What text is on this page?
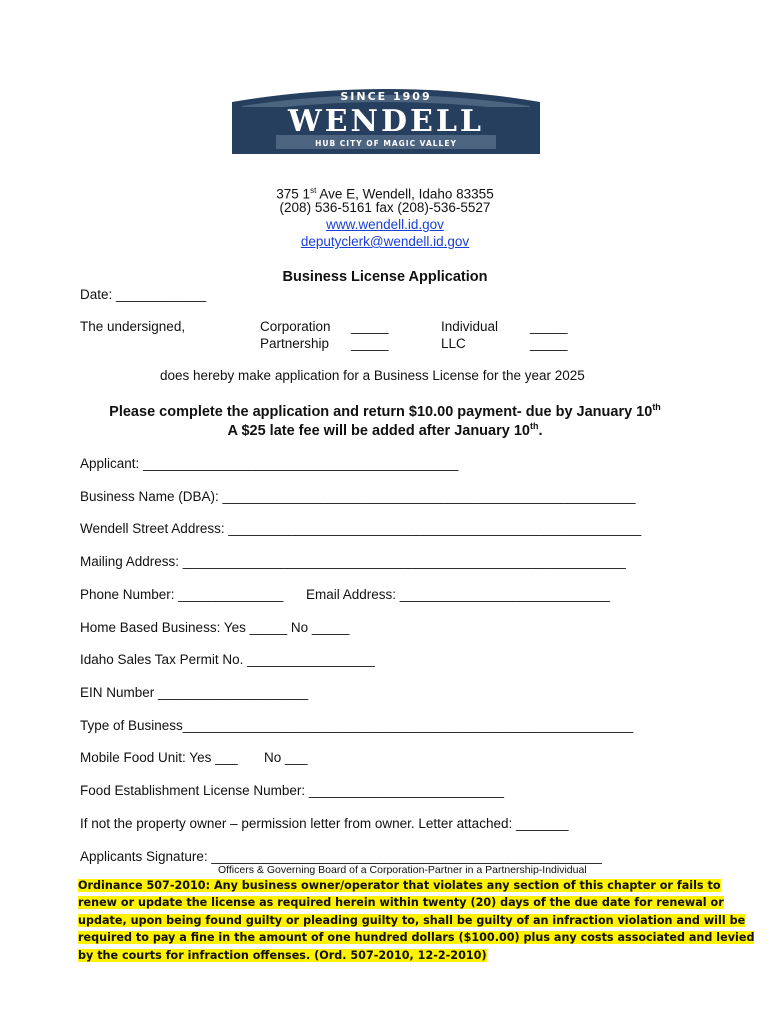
SINCE 1909
WENDELL
HUB CITY OF MAGIC VALLEY
375 1st Ave E, Wendell, Idaho 83355
(208) 536-5161 fax (208)-536-5527
www.wendell.id.gov
deputyclerk@wendell.id.gov
Business License Application
Date: ____________
The undersigned,	Corporation _____	Individual _____
Partnership _____	LLC	_____
does hereby make application for a Business License for the year 2025
Please complete the application and return $10.00 payment- due by January 10th
A $25 late fee will be added after January 10th.
Applicant: __________________________________________
Business Name (DBA): _______________________________________________________
Wendell Street Address: _______________________________________________________
Mailing Address: ___________________________________________________________
Phone Number: ______________ Email Address: ____________________________
Home Based Business: Yes _____ No _____
Idaho Sales Tax Permit No. _________________
EIN Number ____________________
Type of Business____________________________________________________________
Mobile Food Unit: Yes ___ No ___
Food Establishment License Number: __________________________
If not the property owner – permission letter from owner. Letter attached: _______
Applicants Signature: ____________________________________________________
Officers & Governing Board of a Corporation-Partner in a Partnership-Individual
Ordinance 507-2010: Any business owner/operator that violates any section of this chapter or fails to
renew or update the license as required herein within twenty (20) days of the due date for renewal or
update, upon being found guilty or pleading guilty to, shall be guilty of an infraction violation and will be
required to pay a fine in the amount of one hundred dollars ($100.00) plus any costs associated and levied
by the courts for infraction offenses. (Ord. 507-2010, 12-2-2010)
